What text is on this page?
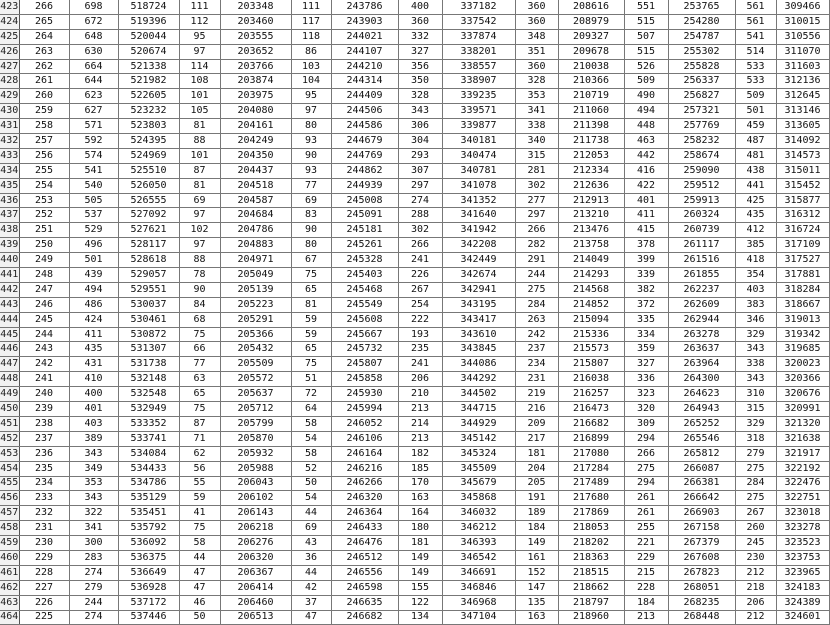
423	266	698	518724	111	203348	111	243786	400	337182	360	208616	551	253765	561	309466
424	265	672	519396	112	203460	117	243903	360	337542	360	208979	515	254280	561	310015
425	264	648	520044	95	203555	118	244021	332	337874	348	209327	507	254787	541	310556
426	263	630	520674	97	203652	86	244107	327	338201	351	209678	515	255302	514	311070
427	262	664	521338	114	203766	103	244210	356	338557	360	210038	526	255828	533	311603
428	261	644	521982	108	203874	104	244314	350	338907	328	210366	509	256337	533	312136
429	260	623	522605	101	203975	95	244409	328	339235	353	210719	490	256827	509	312645
430	259	627	523232	105	204080	97	244506	343	339571	341	211060	494	257321	501	313146
431	258	571	523803	81	204161	80	244586	306	339877	338	211398	448	257769	459	313605
432	257	592	524395	88	204249	93	244679	304	340181	340	211738	463	258232	487	314092
433	256	574	524969	101	204350	90	244769	293	340474	315	212053	442	258674	481	314573
434	255	541	525510	87	204437	93	244862	307	340781	281	212334	416	259090	438	315011
435	254	540	526050	81	204518	77	244939	297	341078	302	212636	422	259512	441	315452
436	253	505	526555	69	204587	69	245008	274	341352	277	212913	401	259913	425	315877
437	252	537	527092	97	204684	83	245091	288	341640	297	213210	411	260324	435	316312
438	251	529	527621	102	204786	90	245181	302	341942	266	213476	415	260739	412	316724
439	250	496	528117	97	204883	80	245261	266	342208	282	213758	378	261117	385	317109
440	249	501	528618	88	204971	67	245328	241	342449	291	214049	399	261516	418	317527
441	248	439	529057	78	205049	75	245403	226	342674	244	214293	339	261855	354	317881
442	247	494	529551	90	205139	65	245468	267	342941	275	214568	382	262237	403	318284
443	246	486	530037	84	205223	81	245549	254	343195	284	214852	372	262609	383	318667
444	245	424	530461	68	205291	59	245608	222	343417	263	215094	335	262944	346	319013
445	244	411	530872	75	205366	59	245667	193	343610	242	215336	334	263278	329	319342
446	243	435	531307	66	205432	65	245732	235	343845	237	215573	359	263637	343	319685
447	242	431	531738	77	205509	75	245807	241	344086	234	215807	327	263964	338	320023
448	241	410	532148	63	205572	51	245858	206	344292	231	216038	336	264300	343	320366
449	240	400	532548	65	205637	72	245930	210	344502	219	216257	323	264623	310	320676
450	239	401	532949	75	205712	64	245994	213	344715	216	216473	320	264943	315	320991
451	238	403	533352	87	205799	58	246052	214	344929	209	216682	309	265252	329	321320
452	237	389	533741	71	205870	54	246106	213	345142	217	216899	294	265546	318	321638
453	236	343	534084	62	205932	58	246164	182	345324	181	217080	266	265812	279	321917
454	235	349	534433	56	205988	52	246216	185	345509	204	217284	275	266087	275	322192
455	234	353	534786	55	206043	50	246266	170	345679	205	217489	294	266381	284	322476
456	233	343	535129	59	206102	54	246320	163	345868	191	217680	261	266642	275	322751
457	232	322	535451	41	206143	44	246364	164	346032	189	217869	261	266903	267	323018
458	231	341	535792	75	206218	69	246433	180	346212	184	218053	255	267158	260	323278
459	230	300	536092	58	206276	43	246476	181	346393	149	218202	221	267379	245	323523
460	229	283	536375	44	206320	36	246512	149	346542	161	218363	229	267608	230	323753
461	228	274	536649	47	206367	44	246556	149	346691	152	218515	215	267823	212	323965
462	227	279	536928	47	206414	42	246598	155	346846	147	218662	228	268051	218	324183
463	226	244	537172	46	206460	37	246635	122	346968	135	218797	184	268235	206	324389
464	225	274	537446	50	206513	47	246682	134	347104	163	218960	213	268448	212	324601
